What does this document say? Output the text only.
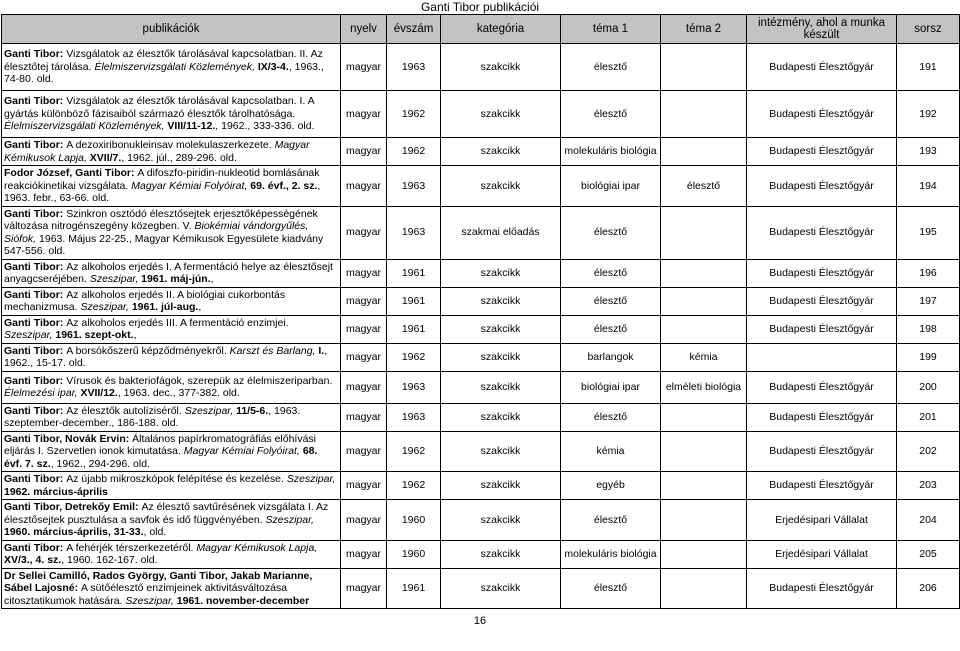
Ganti Tibor publikációi
publikációk	nyelv	évszám	kategória	téma 1	téma 2	intézmény, ahol a munka készült	sorsz
Ganti Tibor: Vizsgálatok az élesztők tárolásával kapcsolatban. II. Az élesztőtej tárolása. Élelmiszervizsgálati Közlemények, IX/3-4., 1963., 74-80. old.	magyar	1963	szakcikk	élesztő		Budapesti Élesztőgyár	191
Ganti Tibor: Vizsgálatok az élesztők tárolásával kapcsolatban. I. A gyártás különböző fázisaiból származó élesztők tárolhatósága. Élelmiszervizsgálati Közlemények, VIII/11-12., 1962., 333-336. old.	magyar	1962	szakcikk	élesztő		Budapesti Élesztőgyár	192
Ganti Tibor: A dezoxiribonukleinsav molekulaszerkezete. Magyar Kémikusok Lapja, XVII/7., 1962. júl., 289-296. old.	magyar	1962	szakcikk	molekuláris biológia		Budapesti Élesztőgyár	193
Fodor József, Ganti Tibor: A difoszfo-piridin-nukleotid bomlásának reakciókinetikai vizsgálata. Magyar Kémiai Folyóirat, 69. évf., 2. sz., 1963. febr., 63-66. old.	magyar	1963	szakcikk	biológiai ipar	élesztő	Budapesti Élesztőgyár	194
Ganti Tibor: Szinkron osztódó élesztősejtek erjesztőképességének változása nitrogénszegény közegben. V. Biokémiai vándorgyűlés, Siófok, 1963. Május 22-25., Magyar Kémikusok Egyesülete kiadvány 547-556. old.	magyar	1963	szakmai előadás	élesztő		Budapesti Élesztőgyár	195
Ganti Tibor: Az alkoholos erjedés I. A fermentáció helye az élesztősejt anyagcseréjében. Szeszipar, 1961. máj-jún.,	magyar	1961	szakcikk	élesztő		Budapesti Élesztőgyár	196
Ganti Tibor: Az alkoholos erjedés II. A biológiai cukorbontás mechanizmusa. Szeszipar, 1961. júl-aug.,	magyar	1961	szakcikk	élesztő		Budapesti Élesztőgyár	197
Ganti Tibor: Az alkoholos erjedés III. A fermentáció enzimjei. Szeszipar, 1961. szept-okt.,	magyar	1961	szakcikk	élesztő		Budapesti Élesztőgyár	198
Ganti Tibor: A borsókőszerű képződményekről. Karszt és Barlang, I., 1962., 15-17. old.	magyar	1962	szakcikk	barlangok	kémia		199
Ganti Tibor: Vírusok és bakteriofágok, szerepük az élelmiszeriparban. Élelmezési ipar, XVII/12., 1963. dec., 377-382. old.	magyar	1963	szakcikk	biológiai ipar	elméleti biológia	Budapesti Élesztőgyár	200
Ganti Tibor: Az élesztők autolíziséről. Szeszipar, 11/5-6., 1963. szeptember-december., 186-188. old.	magyar	1963	szakcikk	élesztő		Budapesti Élesztőgyár	201
Ganti Tibor, Novák Ervin: Általános papírkromatográfiás előhívási eljárás I. Szervetlen ionok kimutatása. Magyar Kémiai Folyóirat, 68. évf. 7. sz., 1962., 294-296. old.	magyar	1962	szakcikk	kémia		Budapesti Élesztőgyár	202
Ganti Tibor: Az újabb mikroszkópok felépítése és kezelése. Szeszipar, 1962. március-április	magyar	1962	szakcikk	egyéb		Budapesti Élesztőgyár	203
Ganti Tibor, Detrekőy Emil: Az élesztő savtűrésének vizsgálata I. Az élesztősejtek pusztulása a savfok és idő függvényében. Szeszipar, 1960. március-április, 31-33., old.	magyar	1960	szakcikk	élesztő		Erjedésipari Vállalat	204
Ganti Tibor: A fehérjék térszerkezetéről. Magyar Kémikusok Lapja, XV/3., 4. sz., 1960. 162-167. old.	magyar	1960	szakcikk	molekuláris biológia		Erjedésipari Vállalat	205
Dr Sellei Camilló, Rados György, Ganti Tibor, Jakab Marianne, Sábel Lajosné: A sütőélesztő enzimjeinek aktivitásváltozása citosztatikumok hatására. Szeszipar, 1961. november-december	magyar	1961	szakcikk	élesztő		Budapesti Élesztőgyár	206
16
